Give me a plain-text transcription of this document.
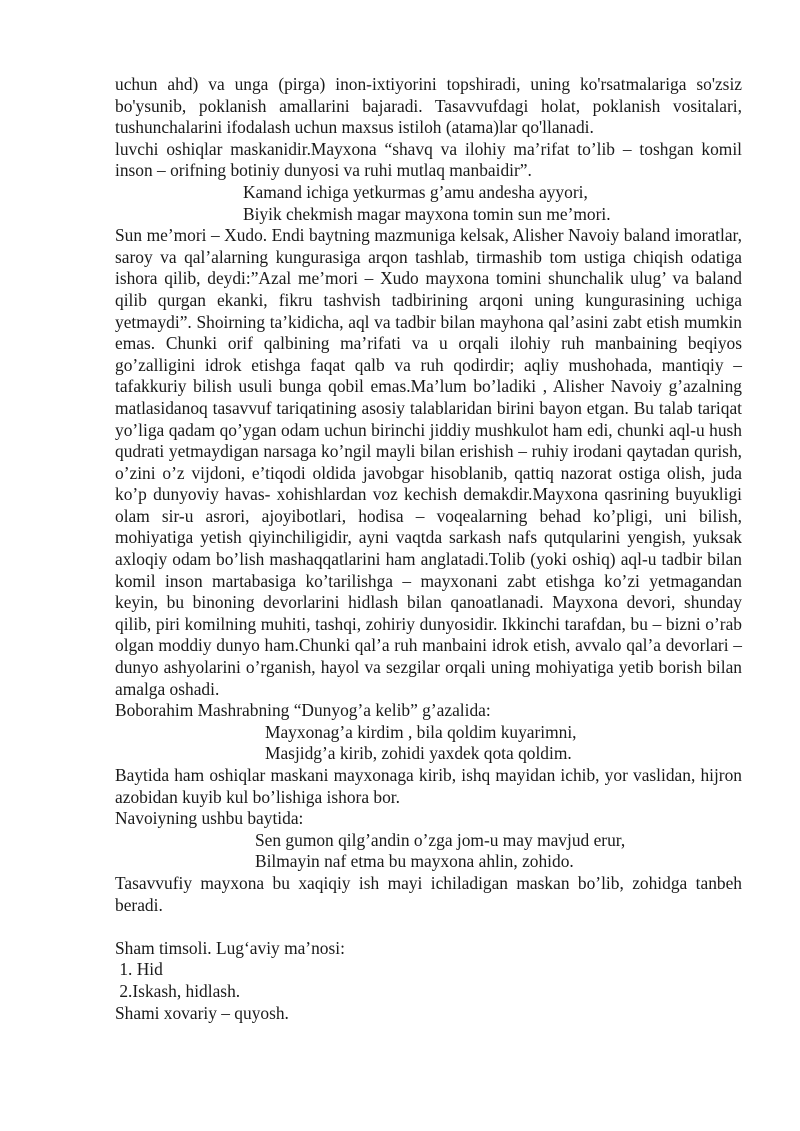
uchun ahd) va unga (pirga) inon-ixtiyorini topshiradi, uning ko'rsatmalariga so'zsiz bo'ysunib, poklanish amallarini bajaradi. Tasavvufdagi holat, poklanish vositalari, tushunchalarini ifodalash uchun maxsus istiloh (atama)lar qo'llanadi.

luvchi oshiqlar maskanidir.Mayxona “shavq va ilohiy ma’rifat to’lib – toshgan komil inson – orifning botiniy dunyosi va ruhi mutlaq manbaidir”.

Kamand ichiga yetkurmas g’amu andesha ayyori,

Biyik chekmish magar mayxona tomin sun me’mori.

Sun me’mori – Xudo. Endi baytning mazmuniga kelsak, Alisher Navoiy baland imoratlar, saroy va qal’alarning kungurasiga arqon tashlab, tirmashib tom ustiga chiqish odatiga ishora qilib, deydi:”Azal me’mori – Xudo mayxona tomini shunchalik ulug’ va baland qilib qurgan ekanki, fikru tashvish tadbirining arqoni uning kungurasining uchiga yetmaydi”. Shoirning ta’kidicha, aql va tadbir bilan mayhona qal’asini zabt etish mumkin emas. Chunki orif qalbining ma’rifati va u orqali ilohiy ruh manbaining beqiyos go’zalligini idrok etishga faqat qalb va ruh qodirdir; aqliy mushohada, mantiqiy – tafakkuriy bilish usuli bunga qobil emas.Ma’lum bo’ladiki , Alisher Navoiy g’azalning matlasidanoq tasavvuf tariqatining asosiy talablaridan birini bayon etgan. Bu talab tariqat yo’liga qadam qo’ygan odam uchun birinchi jiddiy mushkulot ham edi, chunki aql-u hush qudrati yetmaydigan narsaga ko’ngil mayli bilan erishish – ruhiy irodani qaytadan qurish, o’zini o’z vijdoni, e’tiqodi oldida javobgar hisoblanib, qattiq nazorat ostiga olish, juda ko’p dunyoviy havas- xohishlardan voz kechish demakdir.Mayxona qasrining buyukligi olam sir-u asrori, ajoyibotlari, hodisa – voqealarning behad ko’pligi, uni bilish, mohiyatiga yetish qiyinchiligidir, ayni vaqtda sarkash nafs qutqularini yengish, yuksak axloqiy odam bo’lish mashaqqatlarini ham anglatadi.Tolib (yoki oshiq) aql-u tadbir bilan komil inson martabasiga ko’tarilishga – mayxonani zabt etishga ko’zi yetmagandan keyin, bu binoning devorlarini hidlash bilan qanoatlanadi. Mayxona devori, shunday qilib, piri komilning muhiti, tashqi, zohiriy dunyosidir. Ikkinchi tarafdan, bu – bizni o’rab olgan moddiy dunyo ham.Chunki qal’a ruh manbaini idrok etish, avvalo qal’a devorlari – dunyo ashyolarini o’rganish, hayol va sezgilar orqali uning mohiyatiga yetib borish bilan amalga oshadi.

Boborahim Mashrabning “Dunyog’a kelib” g’azalida:

Mayxonag’a kirdim , bila qoldim kuyarimni,

Masjidg’a kirib, zohidi yaxdek qota qoldim.

Baytida ham oshiqlar maskani mayxonaga kirib, ishq mayidan ichib, yor vaslidan, hijron azobidan kuyib kul bo’lishiga ishora bor.

Navoiyning ushbu baytida:

Sen gumon qilg’andin o’zga jom-u may mavjud erur,

Bilmayin naf etma bu mayxona ahlin, zohido.

Tasavvufiy mayxona bu xaqiqiy ish mayi ichiladigan maskan bo’lib, zohidga tanbeh beradi.

Sham timsoli. Lug‘aviy ma’nosi:

1. Hid

2.Iskash, hidlash.

Shami xovariy – quyosh.
